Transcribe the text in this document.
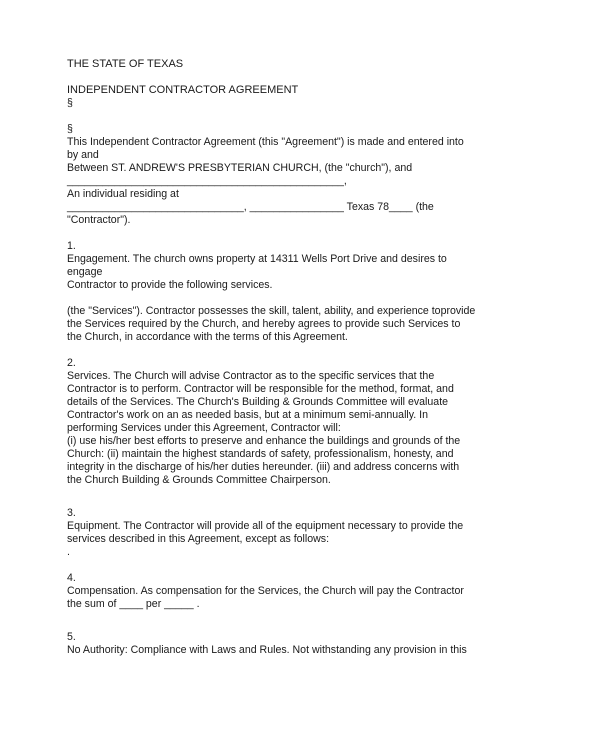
THE STATE OF TEXAS
INDEPENDENT CONTRACTOR AGREEMENT
§
§
This Independent Contractor Agreement (this "Agreement") is made and entered into
by and
Between ST. ANDREW'S PRESBYTERIAN CHURCH, (the "church"), and
_______________________________________________,
An individual residing at
______________________________, ________________ Texas 78____ (the
"Contractor").
1.
Engagement. The church owns property at 14311 Wells Port Drive and desires to
engage
Contractor to provide the following services.
(the "Services"). Contractor possesses the skill, talent, ability, and experience toprovide
the Services required by the Church, and hereby agrees to provide such Services to
the Church, in accordance with the terms of this Agreement.
2.
Services. The Church will advise Contractor as to the specific services that the
Contractor is to perform. Contractor will be responsible for the method, format, and
details of the Services. The Church's Building & Grounds Committee will evaluate
Contractor's work on an as needed basis, but at a minimum semi-annually. In
performing Services under this Agreement, Contractor will:
(i) use his/her best efforts to preserve and enhance the buildings and grounds of the
Church: (ii) maintain the highest standards of safety, professionalism, honesty, and
integrity in the discharge of his/her duties hereunder. (iii) and address concerns with
the Church Building & Grounds Committee Chairperson.
3.
Equipment. The Contractor will provide all of the equipment necessary to provide the
services described in this Agreement, except as follows:
.
4.
Compensation. As compensation for the Services, the Church will pay the Contractor
the sum of ____ per _____ .
5.
No Authority: Compliance with Laws and Rules. Not withstanding any provision in this
